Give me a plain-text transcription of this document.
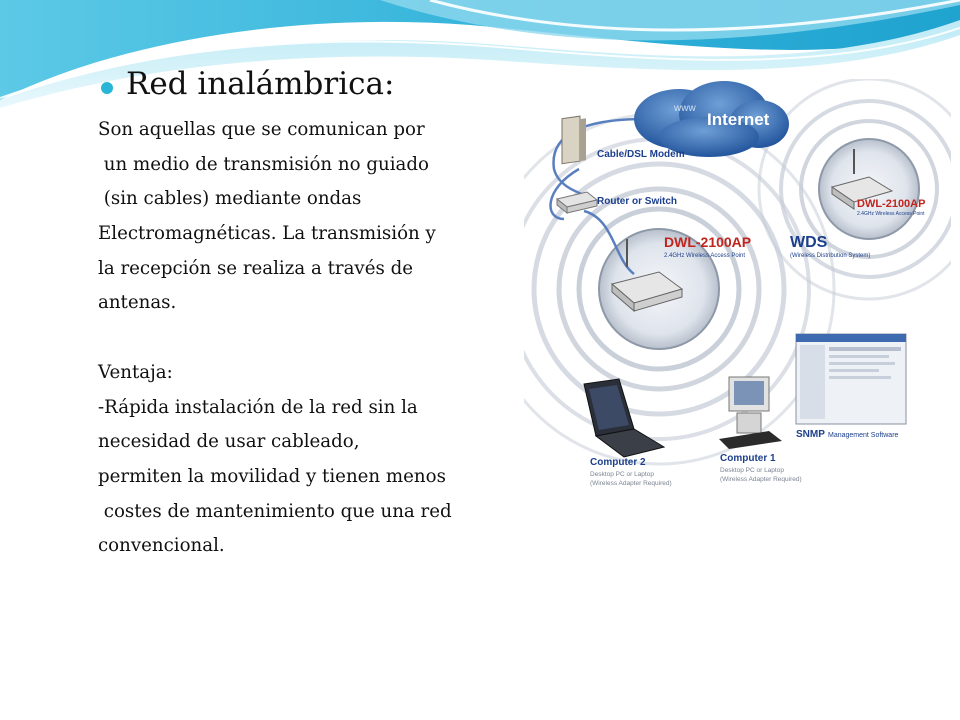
Red inalámbrica:
Son aquellas que se comunican por
un medio de transmisión no guiado
(sin cables) mediante ondas
Electromagnéticas. La transmisión y
la recepción se realiza a través de
antenas.
Ventaja:
-Rápida instalación de la red sin la
necesidad de usar cableado,
permiten la movilidad y tienen menos
costes de mantenimiento que una red
convencional.
www
Internet
Cable/DSL Modem
Router or Switch
DWL-2100AP
2.4GHz Wireless Access Point
DWL-2100AP
2.4GHz Wireless Access Point
WDS
(Wireless Distribution System)
Computer 2
Desktop PC or Laptop
(Wireless Adapter Required)
Computer 1
Desktop PC or Laptop
(Wireless Adapter Required)
SNMP Management Software
